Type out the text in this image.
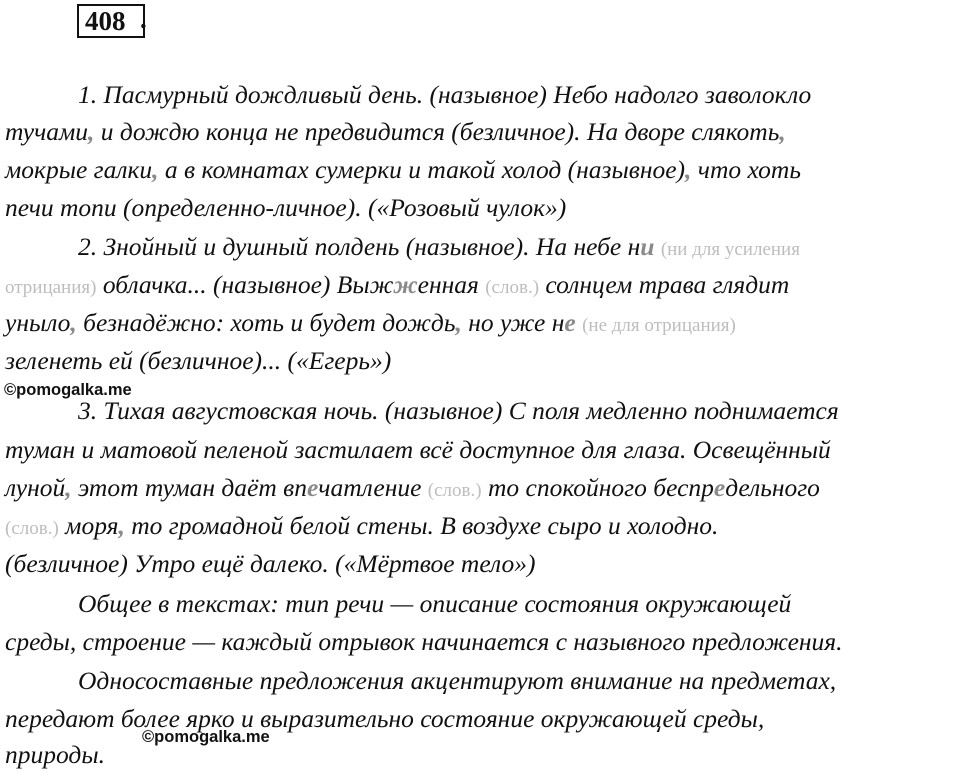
408 .
1. Пасмурный дождливый день. (назывное) Небо надолго заволокло
тучами, и дождю конца не предвидится (безличное). На дворе слякоть,
мокрые галки, а в комнатах сумерки и такой холод (назывное), что хоть
печи топи (определенно-личное). («Розовый чулок»)
2. Знойный и душный полдень (назывное). На небе ни (ни для усиления
отрицания) облачка... (назывное) Выжженная (слов.) солнцем трава глядит
уныло, безнадёжно: хоть и будет дождь, но уже не (не для отрицания)
зеленеть ей (безличное)... («Егерь»)
3. Тихая августовская ночь. (назывное) С поля медленно поднимается
туман и матовой пеленой застилает всё доступное для глаза. Освещённый
луной, этот туман даёт впечатление (слов.) то спокойного беспредельного
(слов.) моря, то громадной белой стены. В воздухе сыро и холодно.
(безличное) Утро ещё далеко. («Мёртвое тело»)
Общее в текстах: тип речи — описание состояния окружающей
среды, строение — каждый отрывок начинается с назывного предложения.
Односоставные предложения акцентируют внимание на предметах,
передают более ярко и выразительно состояние окружающей среды,
природы.
©pomogalka.me
©pomogalka.me
